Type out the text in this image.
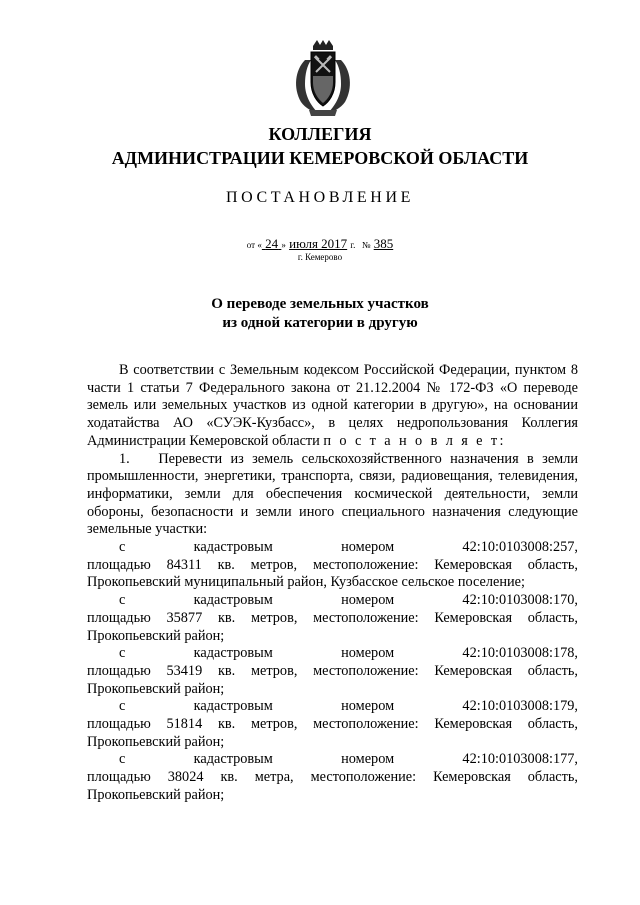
КОЛЛЕГИЯ
АДМИНИСТРАЦИИ КЕМЕРОВСКОЙ ОБЛАСТИ
ПОСТАНОВЛЕНИЕ
от « 24 » июля 2017 г. № 385
г. Кемерово
О переводе земельных участков
из одной категории в другую

В соответствии с Земельным кодексом Российской Федерации, пунктом 8 части 1 статьи 7 Федерального закона от 21.12.2004 № 172-ФЗ «О переводе земель или земельных участков из одной категории в другую», на основании ходатайства АО «СУЭК-Кузбасс», в целях недропользования Коллегия Администрации Кемеровской области п о с т а н о в л я е т:

1.  Перевести из земель сельскохозяйственного назначения в земли промышленности, энергетики, транспорта, связи, радиовещания, телевидения, информатики, земли для обеспечения космической деятельности, земли обороны, безопасности и земли иного специального назначения следующие земельные участки:

с	кадастровым	номером	42:10:0103008:257,

площадью 84311 кв. метров, местоположение: Кемеровская область, Прокопьевский муниципальный район, Кузбасское сельское поселение;

с	кадастровым	номером	42:10:0103008:170,

площадью 35877 кв. метров, местоположение: Кемеровская область, Прокопьевский район;

с	кадастровым	номером	42:10:0103008:178,

площадью 53419 кв. метров, местоположение: Кемеровская область, Прокопьевский район;

с	кадастровым	номером	42:10:0103008:179,

площадью 51814 кв. метров, местоположение: Кемеровская область, Прокопьевский район;

с	кадастровым	номером	42:10:0103008:177,

площадью 38024 кв. метра, местоположение: Кемеровская область, Прокопьевский район;
